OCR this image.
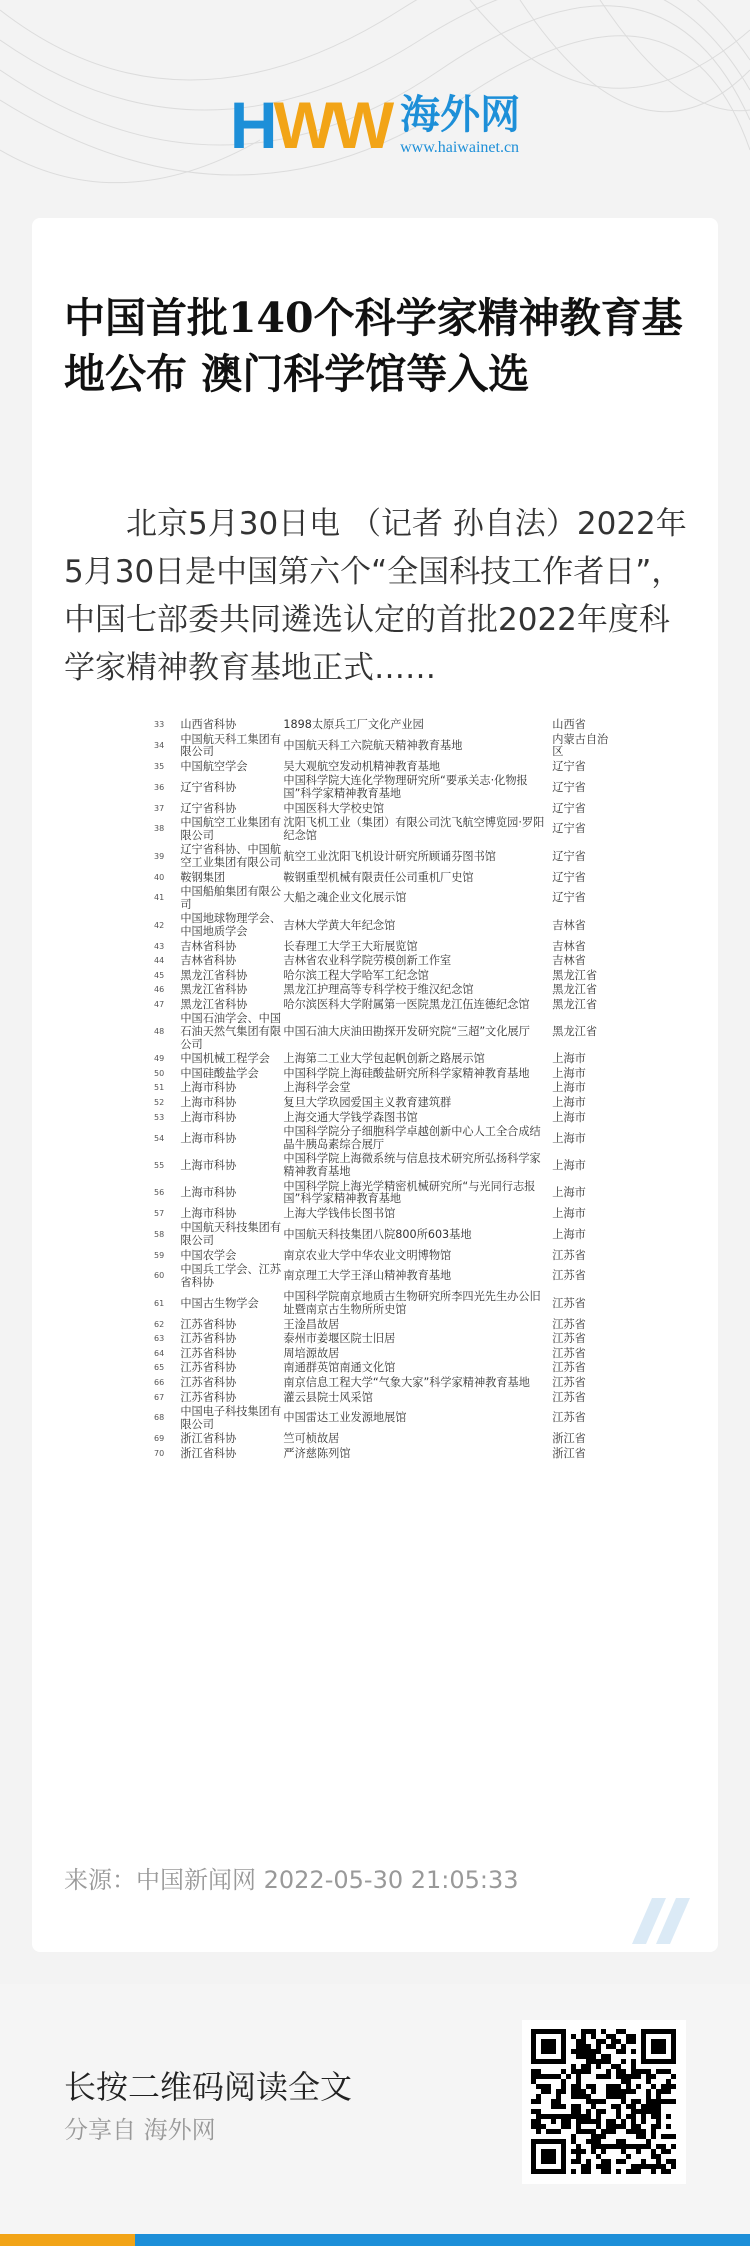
HWW 海外网
www.haiwainet.cn
中国首批140个科学家精神教育基地公布 澳门科学馆等入选

北京5月30日电 （记者 孙自法）2022年5月30日是中国第六个“全国科技工作者日”，中国七部委共同遴选认定的首批2022年度科学家精神教育基地正式……

33	山西省科协	1898太原兵工厂文化产业园	山西省
34	中国航天科工集团有限公司	中国航天科工六院航天精神教育基地	内蒙古自治区
35	中国航空学会	吴大观航空发动机精神教育基地	辽宁省
36	辽宁省科协	中国科学院大连化学物理研究所“要承关志·化物报国”科学家精神教育基地	辽宁省
37	辽宁省科协	中国医科大学校史馆	辽宁省
38	中国航空工业集团有限公司	沈阳飞机工业（集团）有限公司沈飞航空博览园·罗阳纪念馆	辽宁省
39	辽宁省科协、中国航空工业集团有限公司	航空工业沈阳飞机设计研究所顾诵芬图书馆	辽宁省
40	鞍钢集团	鞍钢重型机械有限责任公司重机厂史馆	辽宁省
41	中国船舶集团有限公司	大船之魂企业文化展示馆	辽宁省
42	中国地球物理学会、中国地质学会	吉林大学黄大年纪念馆	吉林省
43	吉林省科协	长春理工大学王大珩展览馆	吉林省
44	吉林省科协	吉林省农业科学院劳模创新工作室	吉林省
45	黑龙江省科协	哈尔滨工程大学哈军工纪念馆	黑龙江省
46	黑龙江省科协	黑龙江护理高等专科学校于维汉纪念馆	黑龙江省
47	黑龙江省科协	哈尔滨医科大学附属第一医院黑龙江伍连德纪念馆	黑龙江省
48	中国石油学会、中国石油天然气集团有限公司	中国石油大庆油田勘探开发研究院“三超”文化展厅	黑龙江省
49	中国机械工程学会	上海第二工业大学包起帆创新之路展示馆	上海市
50	中国硅酸盐学会	中国科学院上海硅酸盐研究所科学家精神教育基地	上海市
51	上海市科协	上海科学会堂	上海市
52	上海市科协	复旦大学玖园爱国主义教育建筑群	上海市
53	上海市科协	上海交通大学钱学森图书馆	上海市
54	上海市科协	中国科学院分子细胞科学卓越创新中心人工全合成结晶牛胰岛素综合展厅	上海市
55	上海市科协	中国科学院上海微系统与信息技术研究所弘扬科学家精神教育基地	上海市
56	上海市科协	中国科学院上海光学精密机械研究所“与光同行志报国”科学家精神教育基地	上海市
57	上海市科协	上海大学钱伟长图书馆	上海市
58	中国航天科技集团有限公司	中国航天科技集团八院800所603基地	上海市
59	中国农学会	南京农业大学中华农业文明博物馆	江苏省
60	中国兵工学会、江苏省科协	南京理工大学王泽山精神教育基地	江苏省
61	中国古生物学会	中国科学院南京地质古生物研究所李四光先生办公旧址暨南京古生物所所史馆	江苏省
62	江苏省科协	王淦昌故居	江苏省
63	江苏省科协	泰州市姜堰区院士旧居	江苏省
64	江苏省科协	周培源故居	江苏省
65	江苏省科协	南通群英馆南通文化馆	江苏省
66	江苏省科协	南京信息工程大学“气象大家”科学家精神教育基地	江苏省
67	江苏省科协	灌云县院士风采馆	江苏省
68	中国电子科技集团有限公司	中国雷达工业发源地展馆	江苏省
69	浙江省科协	竺可桢故居	浙江省
70	浙江省科协	严济慈陈列馆	浙江省
来源：中国新闻网 2022-05-30 21:05:33
长按二维码阅读全文
分享自 海外网
